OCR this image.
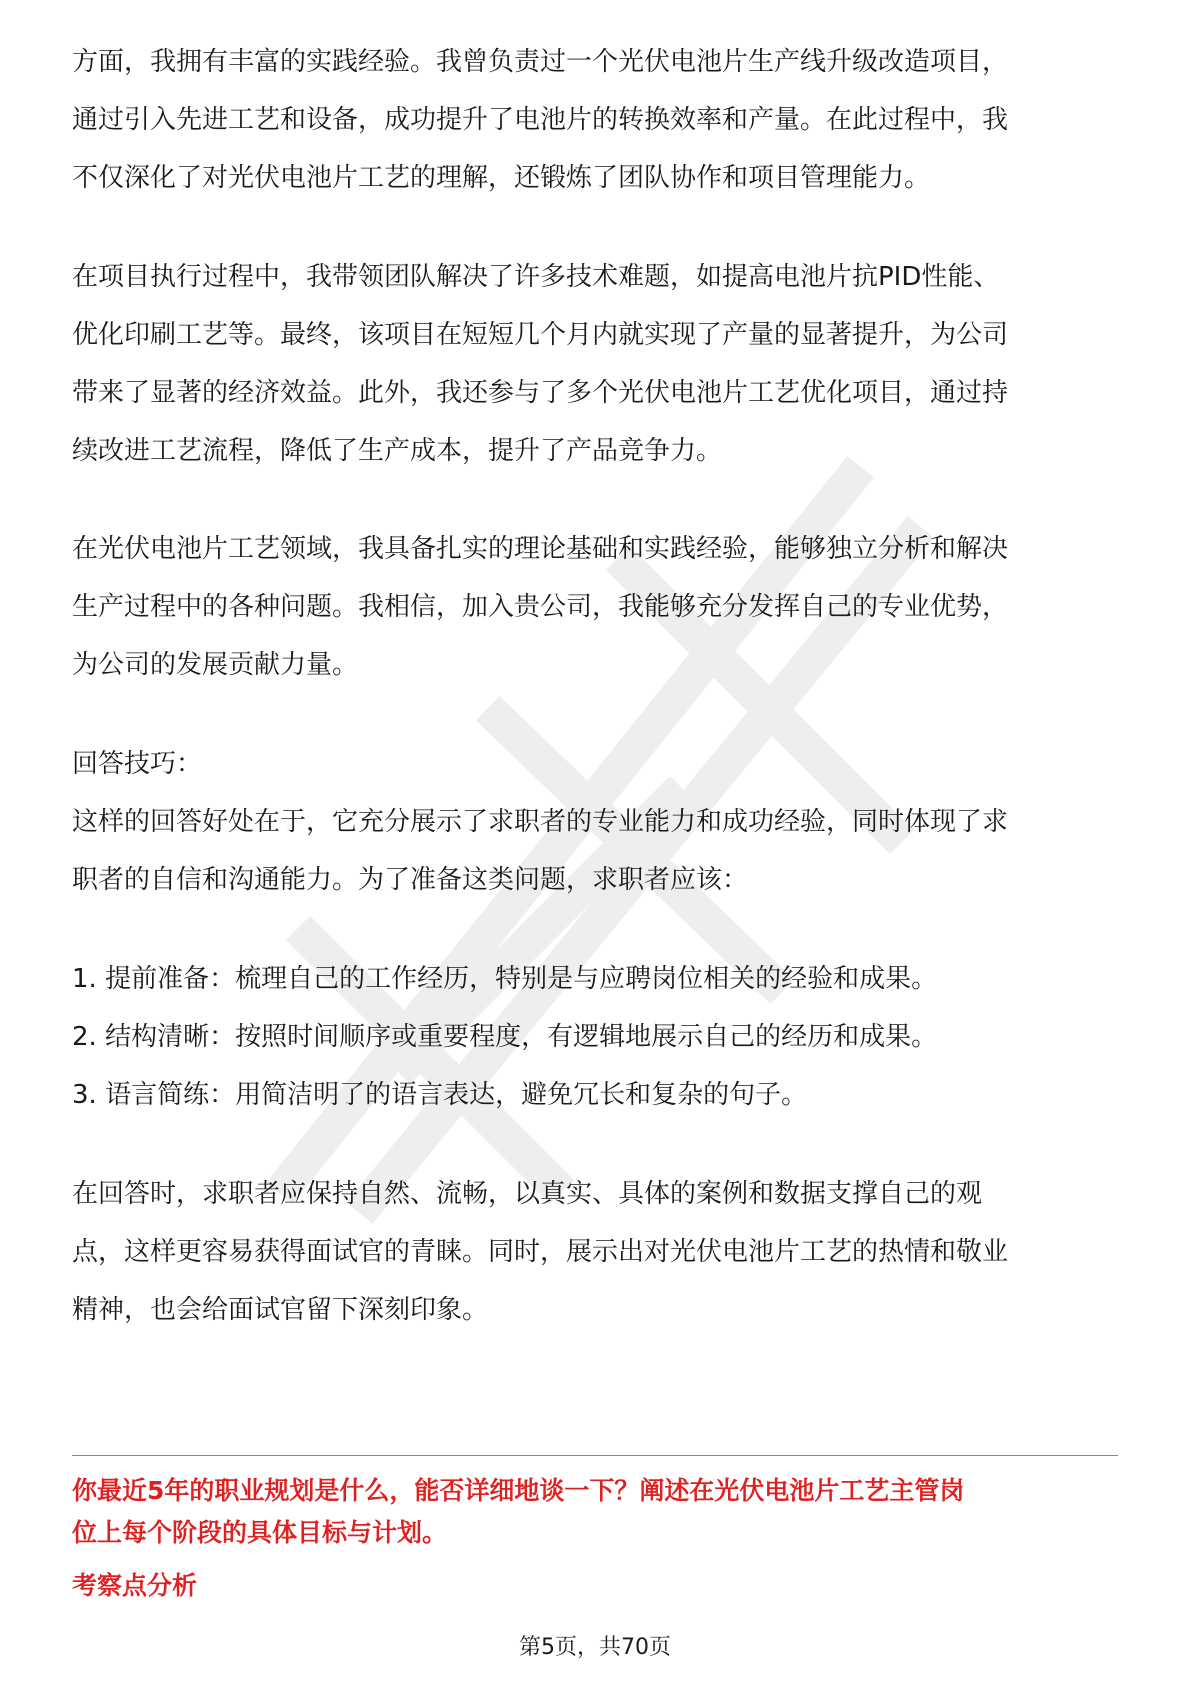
方面，我拥有丰富的实践经验。我曾负责过一个光伏电池片生产线升级改造项目，
通过引入先进工艺和设备，成功提升了电池片的转换效率和产量。在此过程中，我
不仅深化了对光伏电池片工艺的理解，还锻炼了团队协作和项目管理能力。
在项目执行过程中，我带领团队解决了许多技术难题，如提高电池片抗PID性能、
优化印刷工艺等。最终，该项目在短短几个月内就实现了产量的显著提升，为公司
带来了显著的经济效益。此外，我还参与了多个光伏电池片工艺优化项目，通过持
续改进工艺流程，降低了生产成本，提升了产品竞争力。
在光伏电池片工艺领域，我具备扎实的理论基础和实践经验，能够独立分析和解决
生产过程中的各种问题。我相信，加入贵公司，我能够充分发挥自己的专业优势，
为公司的发展贡献力量。
回答技巧：
这样的回答好处在于，它充分展示了求职者的专业能力和成功经验，同时体现了求
职者的自信和沟通能力。为了准备这类问题，求职者应该：
1. 提前准备：梳理自己的工作经历，特别是与应聘岗位相关的经验和成果。
2. 结构清晰：按照时间顺序或重要程度，有逻辑地展示自己的经历和成果。
3. 语言简练：用简洁明了的语言表达，避免冗长和复杂的句子。
在回答时，求职者应保持自然、流畅，以真实、具体的案例和数据支撑自己的观
点，这样更容易获得面试官的青睐。同时，展示出对光伏电池片工艺的热情和敬业
精神，也会给面试官留下深刻印象。
你最近5年的职业规划是什么，能否详细地谈一下？阐述在光伏电池片工艺主管岗
位上每个阶段的具体目标与计划。
考察点分析
第5页，共70页
